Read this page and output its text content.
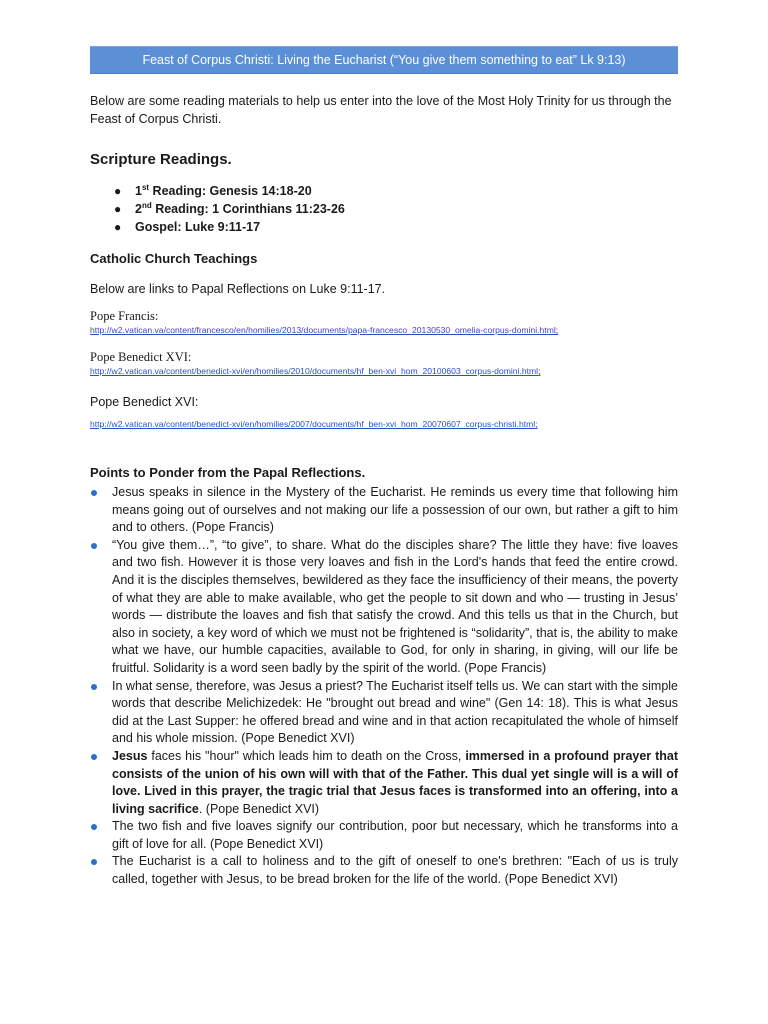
Feast of Corpus Christi: Living the Eucharist (“You give them something to eat” Lk 9:13)

Below are some reading materials to help us enter into the love of the Most Holy Trinity for us through the Feast of Corpus Christi.

Scripture Readings.
● 1st Reading: Genesis 14:18-20
● 2nd Reading: 1 Corinthians 11:23-26
● Gospel: Luke 9:11-17
Catholic Church Teachings
Below are links to Papal Reflections on Luke 9:11-17.
Pope Francis:
http://w2.vatican.va/content/francesco/en/homilies/2013/documents/papa-francesco_20130530_omelia-corpus-domini.html;
Pope Benedict XVI:
http://w2.vatican.va/content/benedict-xvi/en/homilies/2010/documents/hf_ben-xvi_hom_20100603_corpus-domini.html;
Pope Benedict XVI:
http://w2.vatican.va/content/benedict-xvi/en/homilies/2007/documents/hf_ben-xvi_hom_20070607_corpus-christi.html;
Points to Ponder from the Papal Reflections.
Jesus speaks in silence in the Mystery of the Eucharist. He reminds us every time that following him means going out of ourselves and not making our life a possession of our own, but rather a gift to him and to others. (Pope Francis)
“You give them…”, “to give”, to share. What do the disciples share? The little they have: five loaves and two fish. However it is those very loaves and fish in the Lord's hands that feed the entire crowd. And it is the disciples themselves, bewildered as they face the insufficiency of their means, the poverty of what they are able to make available, who get the people to sit down and who — trusting in Jesus’ words — distribute the loaves and fish that satisfy the crowd. And this tells us that in the Church, but also in society, a key word of which we must not be frightened is “solidarity”, that is, the ability to make what we have, our humble capacities, available to God, for only in sharing, in giving, will our life be fruitful. Solidarity is a word seen badly by the spirit of the world. (Pope Francis)
In what sense, therefore, was Jesus a priest? The Eucharist itself tells us. We can start with the simple words that describe Melichizedek: He "brought out bread and wine" (Gen 14: 18). This is what Jesus did at the Last Supper: he offered bread and wine and in that action recapitulated the whole of himself and his whole mission. (Pope Benedict XVI)
Jesus faces his "hour" which leads him to death on the Cross, immersed in a profound prayer that consists of the union of his own will with that of the Father. This dual yet single will is a will of love. Lived in this prayer, the tragic trial that Jesus faces is transformed into an offering, into a living sacrifice. (Pope Benedict XVI)
The two fish and five loaves signify our contribution, poor but necessary, which he transforms into a gift of love for all. (Pope Benedict XVI)
The Eucharist is a call to holiness and to the gift of oneself to one's brethren: "Each of us is truly called, together with Jesus, to be bread broken for the life of the world. (Pope Benedict XVI)
